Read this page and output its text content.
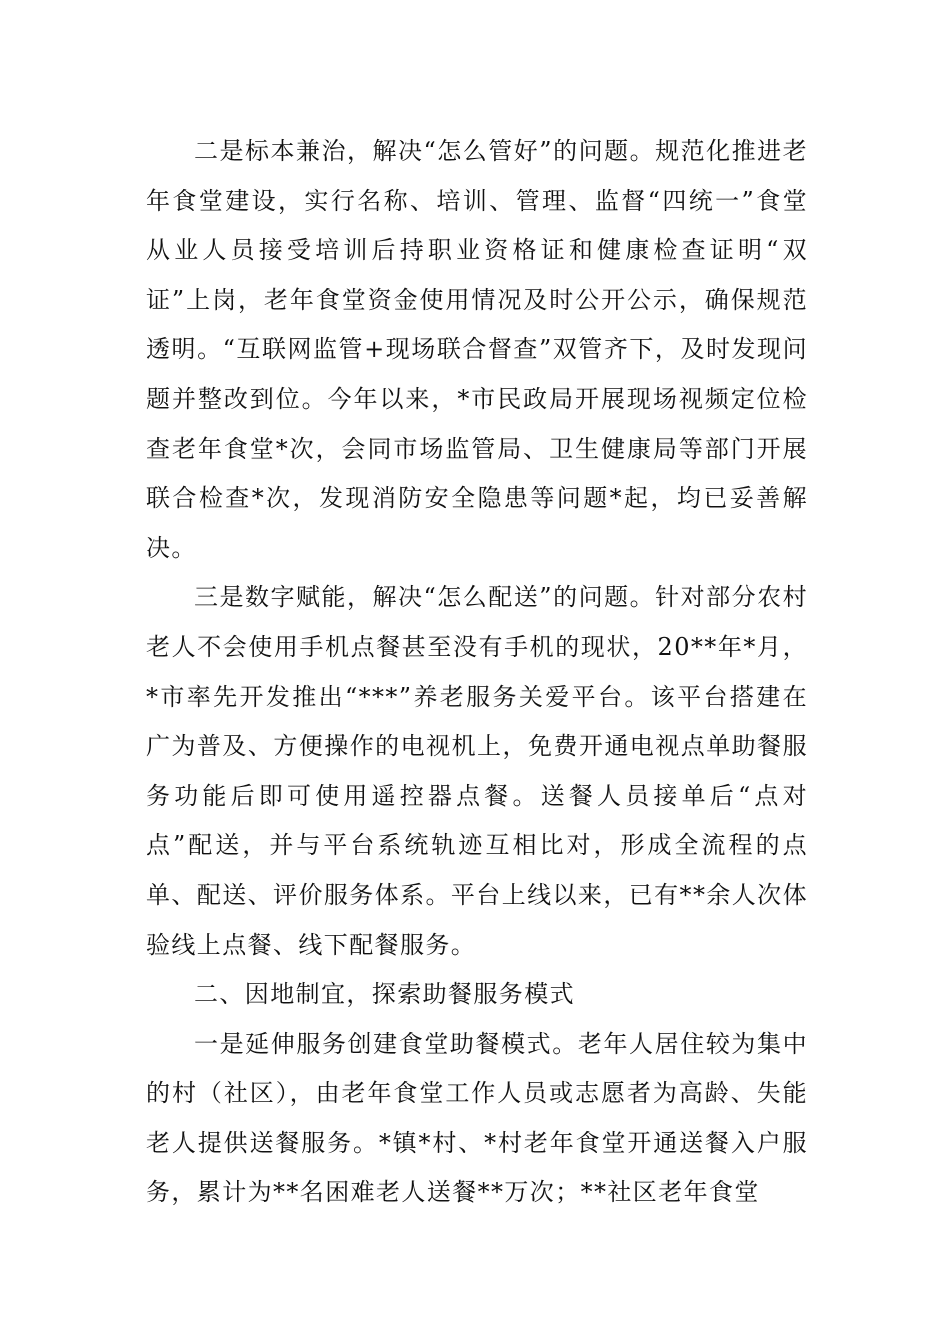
二是标本兼治，解决“怎么管好”的问题。规范化推进老年食堂建设，实行名称、培训、管理、监督“四统一”食堂从业人员接受培训后持职业资格证和健康检查证明“双证”上岗，老年食堂资金使用情况及时公开公示，确保规范透明。“互联网监管+现场联合督查”双管齐下，及时发现问题并整改到位。今年以来，*市民政局开展现场视频定位检查老年食堂*次，会同市场监管局、卫生健康局等部门开展联合检查*次，发现消防安全隐患等问题*起，均已妥善解决。

三是数字赋能，解决“怎么配送”的问题。针对部分农村老人不会使用手机点餐甚至没有手机的现状，20**年*月，*市率先开发推出“***”养老服务关爱平台。该平台搭建在广为普及、方便操作的电视机上，免费开通电视点单助餐服务功能后即可使用遥控器点餐。送餐人员接单后“点对点”配送，并与平台系统轨迹互相比对，形成全流程的点单、配送、评价服务体系。平台上线以来，已有**余人次体验线上点餐、线下配餐服务。

二、因地制宜，探索助餐服务模式

一是延伸服务创建食堂助餐模式。老年人居住较为集中的村（社区），由老年食堂工作人员或志愿者为高龄、失能老人提供送餐服务。*镇*村、*村老年食堂开通送餐入户服务，累计为**名困难老人送餐**万次；**社区老年食堂
